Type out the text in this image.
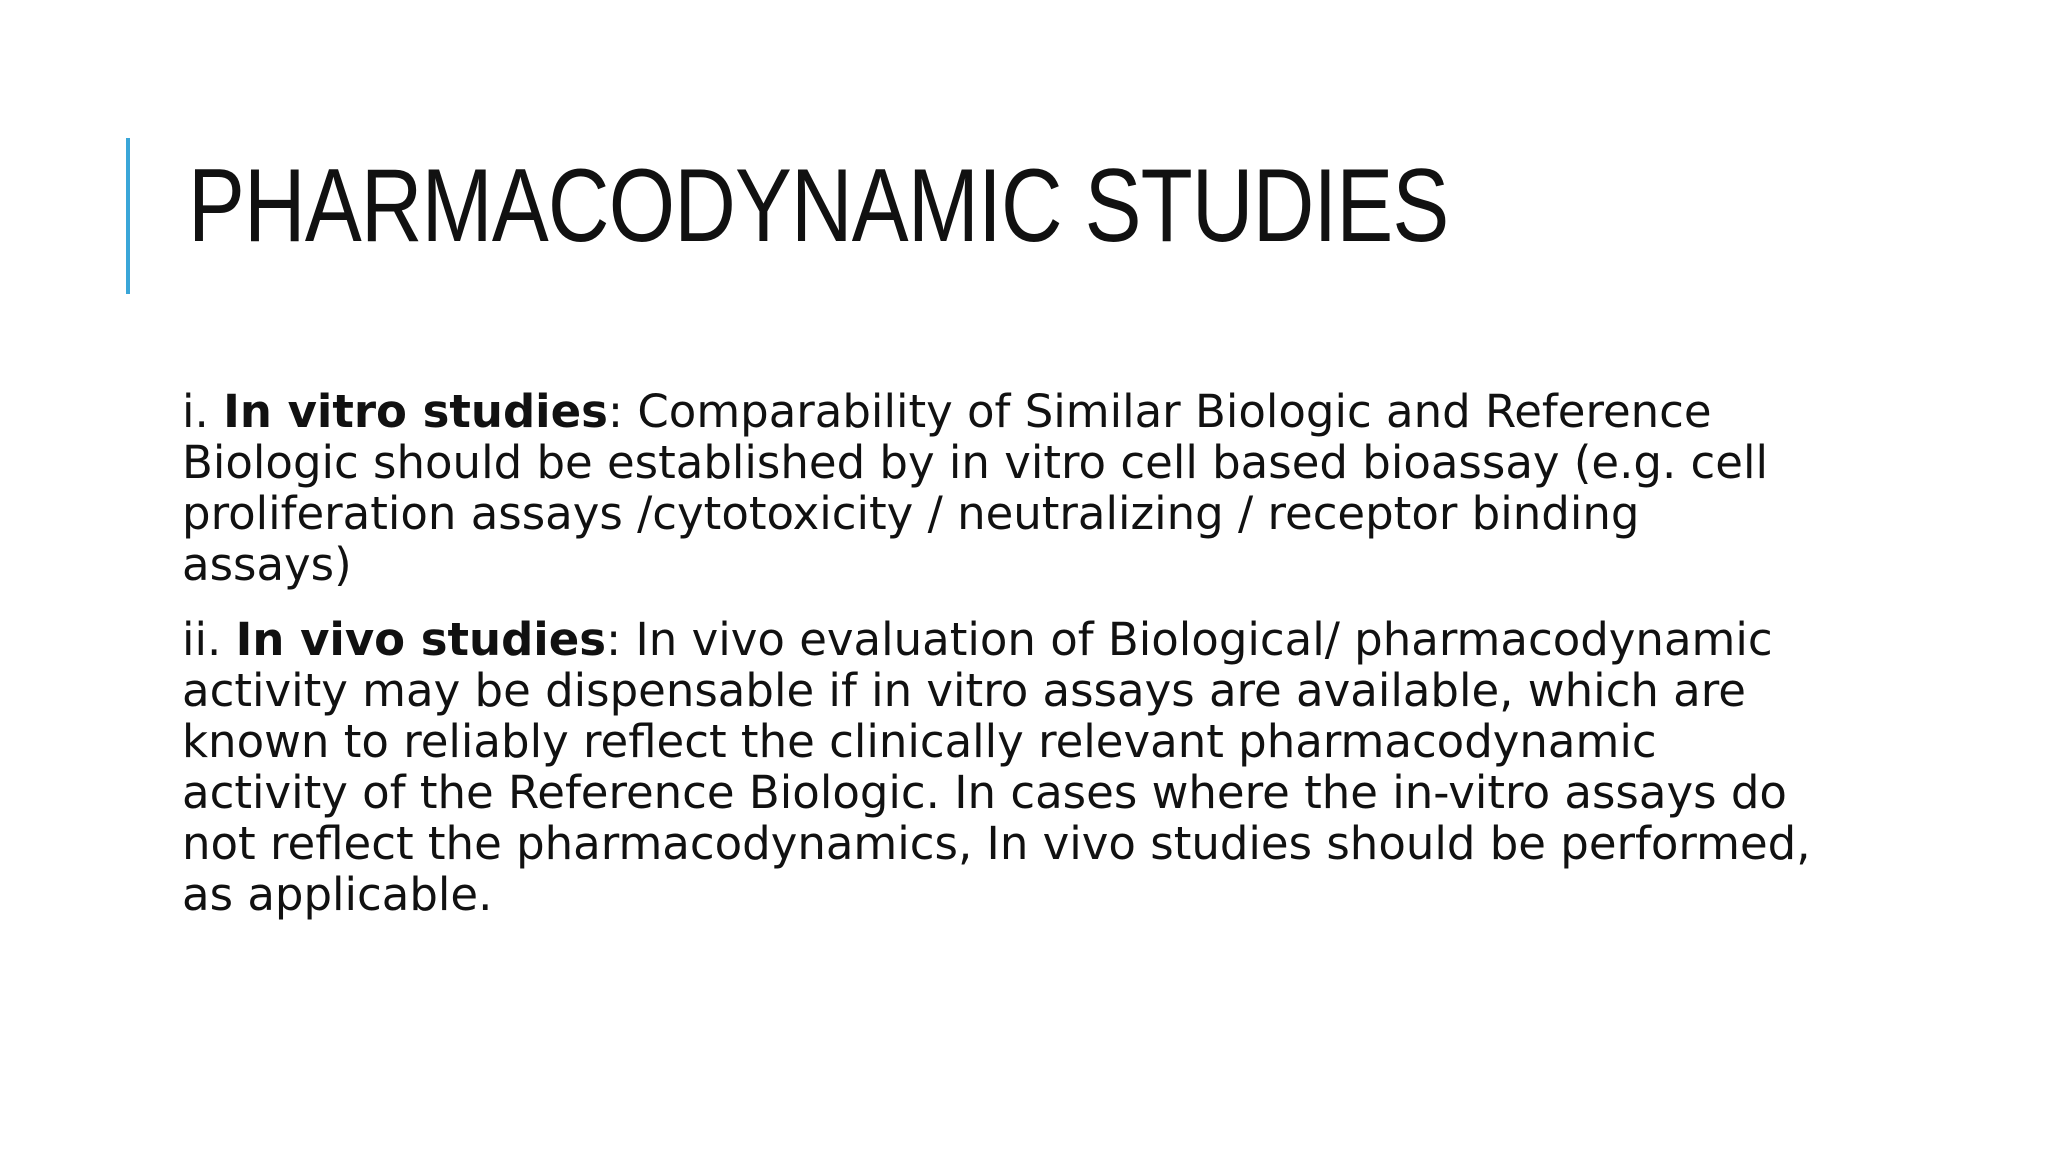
PHARMACODYNAMIC STUDIES

i. In vitro studies: Comparability of Similar Biologic and Reference Biologic should be established by in vitro cell based bioassay (e.g. cell proliferation assays /cytotoxicity / neutralizing / receptor binding assays)

ii. In vivo studies: In vivo evaluation of Biological/ pharmacodynamic activity may be dispensable if in vitro assays are available, which are known to reliably reflect the clinically relevant pharmacodynamic activity of the Reference Biologic. In cases where the in-vitro assays do not reflect the pharmacodynamics, In vivo studies should be performed, as applicable.
